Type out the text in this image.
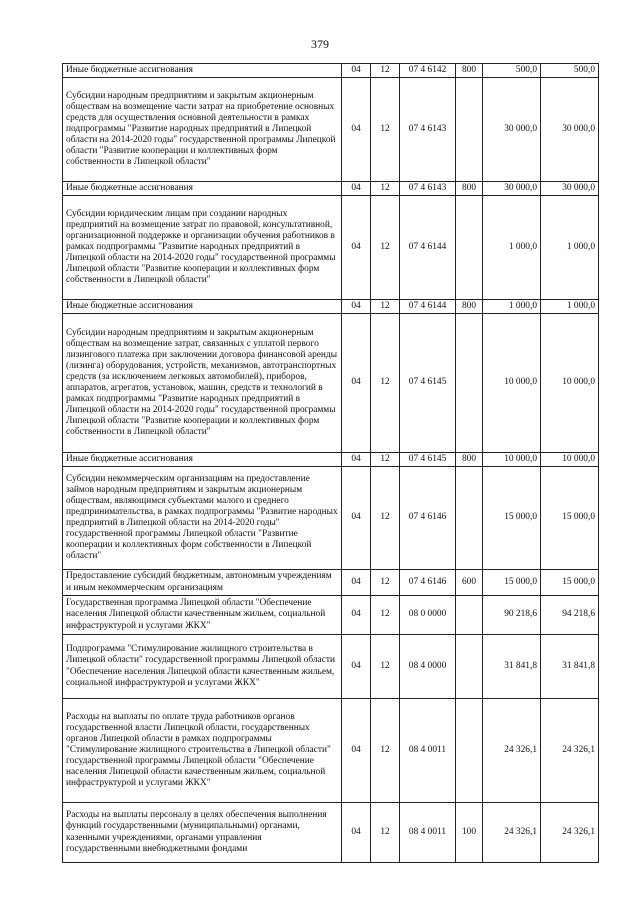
379
Иные бюджетные ассигнования	04	12	07 4 6142	800	500,0	500,0
Субсидии народным предприятиям и закрытым акционерным обществам на возмещение части затрат на приобретение основных средств для осуществления основной деятельности в рамках подпрограммы "Развитие народных предприятий в Липецкой области на 2014-2020 годы" государственной программы Липецкой области "Развитие кооперации и коллективных форм собственности в Липецкой области"	04	12	07 4 6143		30 000,0	30 000,0
Иные бюджетные ассигнования	04	12	07 4 6143	800	30 000,0	30 000,0
Субсидии юридическим лицам при создании народных предприятий на возмещение затрат по правовой, консультативной, организационной поддержке и организации обучения работников в рамках подпрограммы "Развитие народных предприятий в Липецкой области на 2014-2020 годы" государственной программы Липецкой области "Развитие кооперации и коллективных форм собственности в Липецкой области"	04	12	07 4 6144		1 000,0	1 000,0
Иные бюджетные ассигнования	04	12	07 4 6144	800	1 000,0	1 000,0
Субсидии народным предприятиям и закрытым акционерным обществам на возмещение затрат, связанных с уплатой первого лизингового платежа при заключении договора финансовой аренды (лизинга) оборудования, устройств, механизмов, автотранспортных средств (за исключением легковых автомобилей), приборов, аппаратов, агрегатов, установок, машин, средств и технологий в рамках подпрограммы "Развитие народных предприятий в Липецкой области на 2014-2020 годы" государственной программы Липецкой области "Развитие кооперации и коллективных форм собственности в Липецкой области"	04	12	07 4 6145		10 000,0	10 000,0
Иные бюджетные ассигнования	04	12	07 4 6145	800	10 000,0	10 000,0
Субсидии некоммерческим организациям на предоставление займов народным предприятиям и закрытым акционерным обществам, являющимся субъектами малого и среднего предпринимательства, в рамках подпрограммы "Развитие народных предприятий в Липецкой области на 2014-2020 годы" государственной программы Липецкой области "Развитие кооперации и коллективных форм собственности в Липецкой области"	04	12	07 4 6146		15 000,0	15 000,0
Предоставление субсидий бюджетным, автономным учреждениям и иным некоммерческим организациям	04	12	07 4 6146	600	15 000,0	15 000,0
Государственная программа Липецкой области "Обеспечение населения Липецкой области качественным жильем, социальной инфраструктурой и услугами ЖКХ"	04	12	08 0 0000		90 218,6	94 218,6
Подпрограмма "Стимулирование жилищного строительства в Липецкой области" государственной программы Липецкой области "Обеспечение населения Липецкой области качественным жильем, социальной инфраструктурой и услугами ЖКХ"	04	12	08 4 0000		31 841,8	31 841,8
Расходы на выплаты по оплате труда работников органов государственной власти Липецкой области, государственных органов Липецкой области в рамках подпрограммы "Стимулирование жилищного строительства в Липецкой области" государственной программы Липецкой области "Обеспечение населения Липецкой области качественным жильем, социальной инфраструктурой и услугами ЖКХ"	04	12	08 4 0011		24 326,1	24 326,1
Расходы на выплаты персоналу в целях обеспечения выполнения функций государственными (муниципальными) органами, казенными учреждениями, органами управления государственными внебюджетными фондами	04	12	08 4 0011	100	24 326,1	24 326,1
